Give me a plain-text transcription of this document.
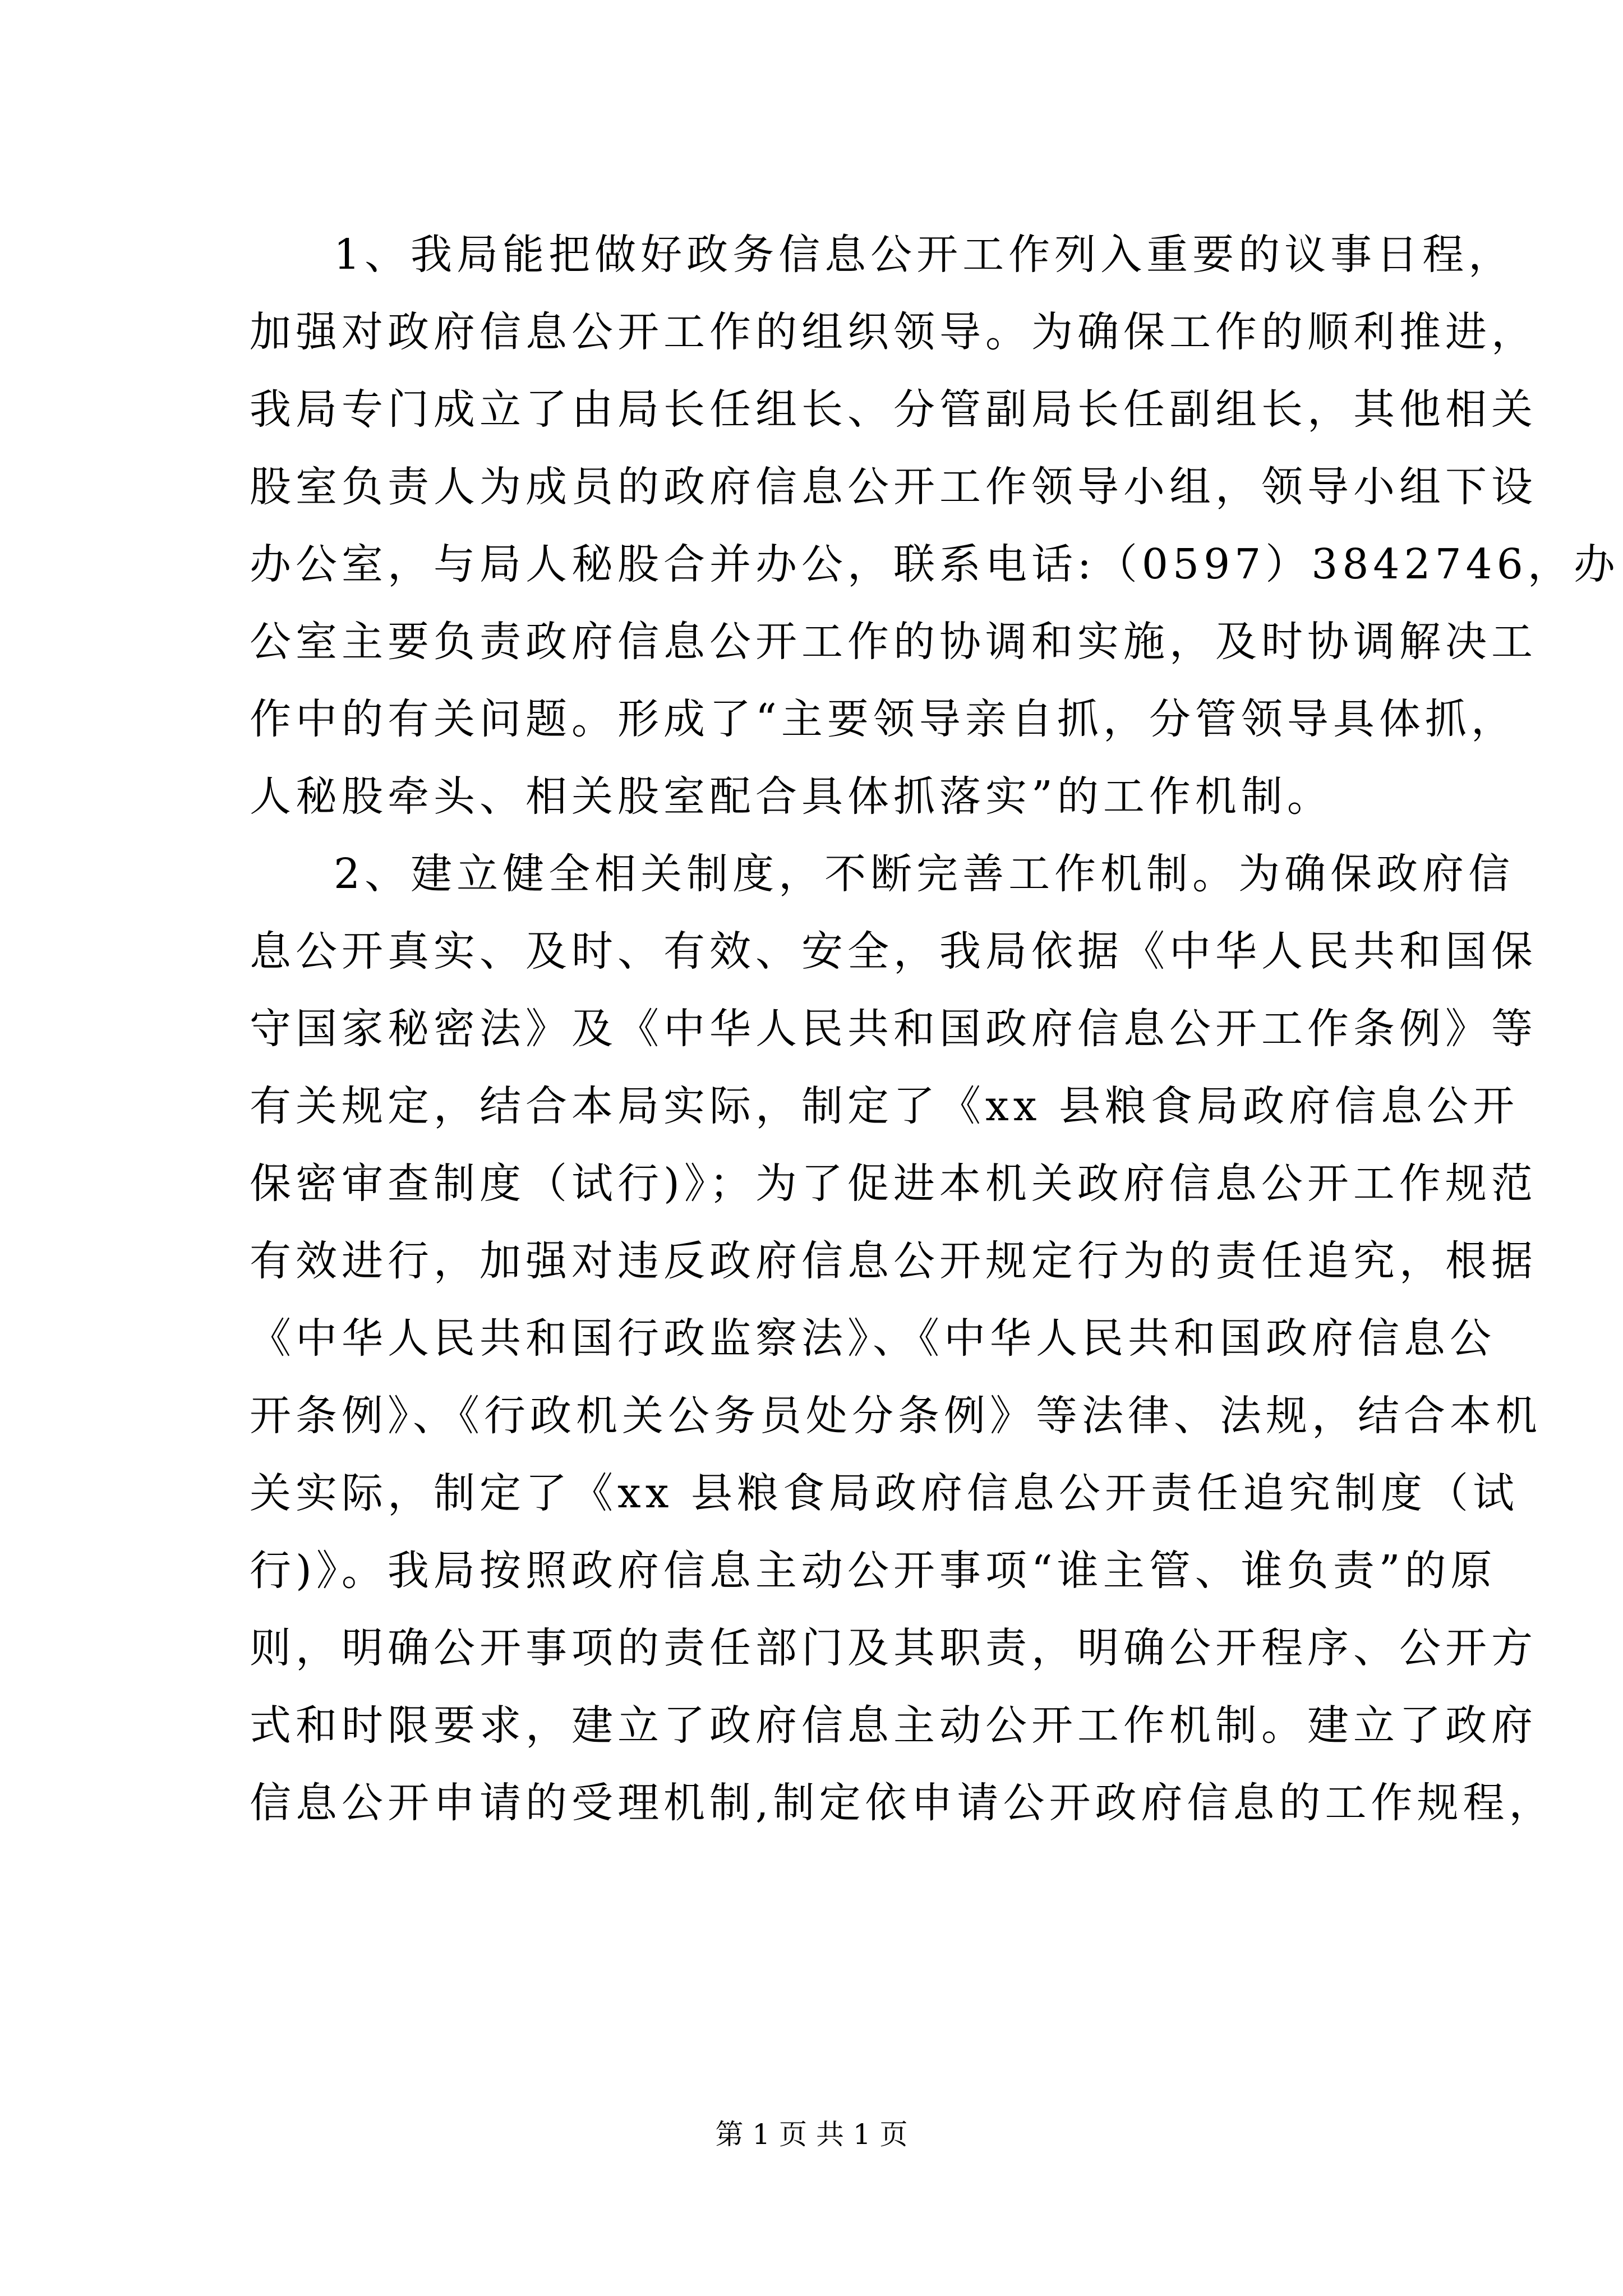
1、我局能把做好政务信息公开工作列入重要的议事日程，
加强对政府信息公开工作的组织领导。为确保工作的顺利推进，
我局专门成立了由局长任组长、分管副局长任副组长，其他相关
股室负责人为成员的政府信息公开工作领导小组，领导小组下设
办公室，与局人秘股合并办公，联系电话:（0597）3842746，办
公室主要负责政府信息公开工作的协调和实施，及时协调解决工
作中的有关问题。形成了“主要领导亲自抓，分管领导具体抓，
人秘股牵头、相关股室配合具体抓落实”的工作机制。
2、建立健全相关制度，不断完善工作机制。为确保政府信
息公开真实、及时、有效、安全，我局依据《中华人民共和国保
守国家秘密法》及《中华人民共和国政府信息公开工作条例》等
有关规定，结合本局实际，制定了《xx 县粮食局政府信息公开
保密审查制度（试行)》；为了促进本机关政府信息公开工作规范
有效进行，加强对违反政府信息公开规定行为的责任追究，根据
《中华人民共和国行政监察法》、《中华人民共和国政府信息公
开条例》、《行政机关公务员处分条例》等法律、法规，结合本机
关实际，制定了《xx 县粮食局政府信息公开责任追究制度（试
行)》。我局按照政府信息主动公开事项“谁主管、谁负责”的原
则，明确公开事项的责任部门及其职责，明确公开程序、公开方
式和时限要求，建立了政府信息主动公开工作机制。建立了政府
信息公开申请的受理机制,制定依申请公开政府信息的工作规程，
第 1 页 共 1 页
